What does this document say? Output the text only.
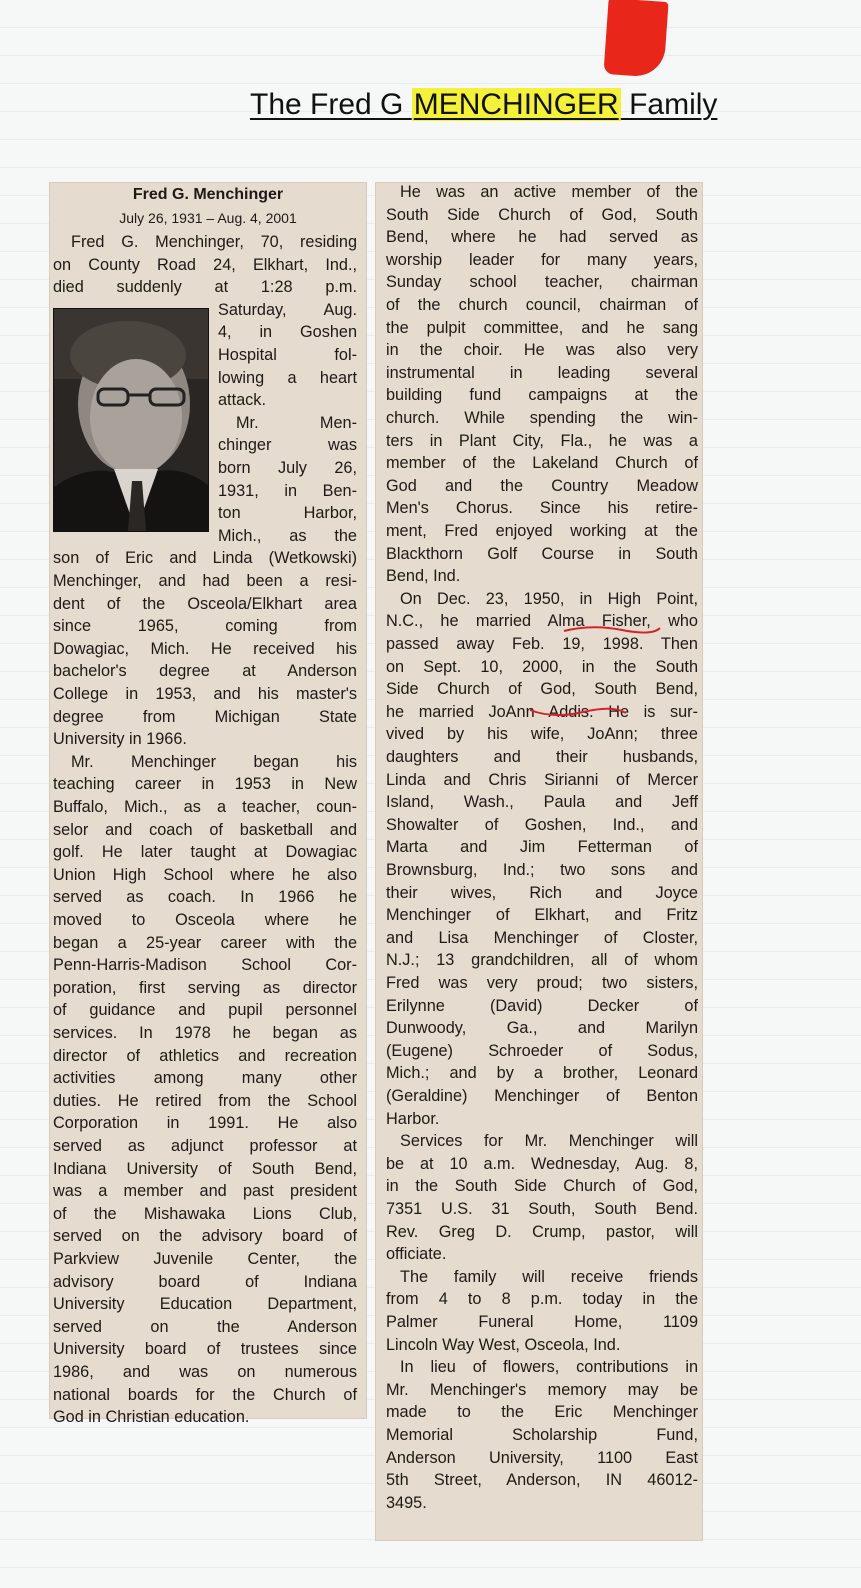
The Fred G MENCHINGER Family
Fred G. Menchinger
July 26, 1931 – Aug. 4, 2001
Fred G. Menchinger, 70, residing
on County Road 24, Elkhart, Ind.,
died suddenly at 1:28 p.m.
Saturday, Aug.
4, in Goshen
Hospital fol-
lowing a heart
attack.
Mr. Men-
chinger was
born July 26,
1931, in Ben-
ton Harbor,
Mich., as the
son of Eric and Linda (Wetkowski)
Menchinger, and had been a resi-
dent of the Osceola/Elkhart area
since 1965, coming from
Dowagiac, Mich. He received his
bachelor's degree at Anderson
College in 1953, and his master's
degree from Michigan State
University in 1966.
Mr. Menchinger began his
teaching career in 1953 in New
Buffalo, Mich., as a teacher, coun-
selor and coach of basketball and
golf. He later taught at Dowagiac
Union High School where he also
served as coach. In 1966 he
moved to Osceola where he
began a 25-year career with the
Penn-Harris-Madison School Cor-
poration, first serving as director
of guidance and pupil personnel
services. In 1978 he began as
director of athletics and recreation
activities among many other
duties. He retired from the School
Corporation in 1991. He also
served as adjunct professor at
Indiana University of South Bend,
was a member and past president
of the Mishawaka Lions Club,
served on the advisory board of
Parkview Juvenile Center, the
advisory board of Indiana
University Education Department,
served on the Anderson
University board of trustees since
1986, and was on numerous
national boards for the Church of
God in Christian education.
He was an active member of the
South Side Church of God, South
Bend, where he had served as
worship leader for many years,
Sunday school teacher, chairman
of the church council, chairman of
the pulpit committee, and he sang
in the choir. He was also very
instrumental in leading several
building fund campaigns at the
church. While spending the win-
ters in Plant City, Fla., he was a
member of the Lakeland Church of
God and the Country Meadow
Men's Chorus. Since his retire-
ment, Fred enjoyed working at the
Blackthorn Golf Course in South
Bend, Ind.
On Dec. 23, 1950, in High Point,
N.C., he married Alma Fisher, who
passed away Feb. 19, 1998. Then
on Sept. 10, 2000, in the South
Side Church of God, South Bend,
he married JoAnn Addis. He is sur-
vived by his wife, JoAnn; three
daughters and their husbands,
Linda and Chris Sirianni of Mercer
Island, Wash., Paula and Jeff
Showalter of Goshen, Ind., and
Marta and Jim Fetterman of
Brownsburg, Ind.; two sons and
their wives, Rich and Joyce
Menchinger of Elkhart, and Fritz
and Lisa Menchinger of Closter,
N.J.; 13 grandchildren, all of whom
Fred was very proud; two sisters,
Erilynne (David) Decker of
Dunwoody, Ga., and Marilyn
(Eugene) Schroeder of Sodus,
Mich.; and by a brother, Leonard
(Geraldine) Menchinger of Benton
Harbor.
Services for Mr. Menchinger will
be at 10 a.m. Wednesday, Aug. 8,
in the South Side Church of God,
7351 U.S. 31 South, South Bend.
Rev. Greg D. Crump, pastor, will
officiate.
The family will receive friends
from 4 to 8 p.m. today in the
Palmer Funeral Home, 1109
Lincoln Way West, Osceola, Ind.
In lieu of flowers, contributions in
Mr. Menchinger's memory may be
made to the Eric Menchinger
Memorial Scholarship Fund,
Anderson University, 1100 East
5th Street, Anderson, IN 46012-
3495.
